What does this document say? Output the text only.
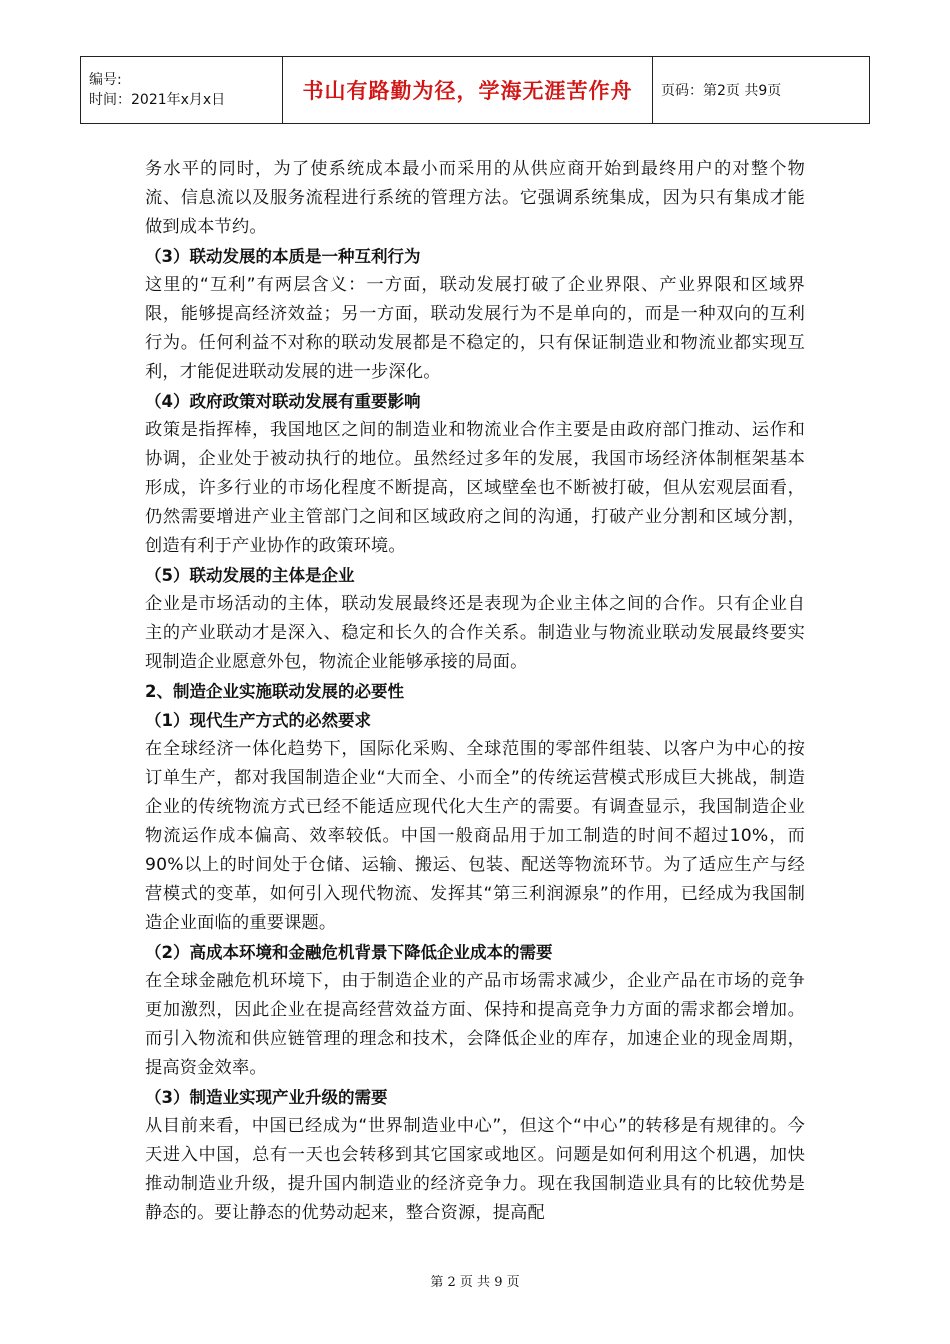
编号:
时间：2021年x月x日	书山有路勤为径，学海无涯苦作舟	页码：第2页 共9页

务水平的同时，为了使系统成本最小而采用的从供应商开始到最终用户的对整个物流、信息流以及服务流程进行系统的管理方法。它强调系统集成，因为只有集成才能做到成本节约。

（3）联动发展的本质是一种互利行为

这里的“互利”有两层含义：一方面，联动发展打破了企业界限、产业界限和区域界限，能够提高经济效益；另一方面，联动发展行为不是单向的，而是一种双向的互利行为。任何利益不对称的联动发展都是不稳定的，只有保证制造业和物流业都实现互利，才能促进联动发展的进一步深化。

（4）政府政策对联动发展有重要影响

政策是指挥棒，我国地区之间的制造业和物流业合作主要是由政府部门推动、运作和协调，企业处于被动执行的地位。虽然经过多年的发展，我国市场经济体制框架基本形成，许多行业的市场化程度不断提高，区域壁垒也不断被打破，但从宏观层面看，仍然需要增进产业主管部门之间和区域政府之间的沟通，打破产业分割和区域分割，创造有利于产业协作的政策环境。

（5）联动发展的主体是企业

企业是市场活动的主体，联动发展最终还是表现为企业主体之间的合作。只有企业自主的产业联动才是深入、稳定和长久的合作关系。制造业与物流业联动发展最终要实现制造企业愿意外包，物流企业能够承接的局面。

2、制造企业实施联动发展的必要性

（1）现代生产方式的必然要求

在全球经济一体化趋势下，国际化采购、全球范围的零部件组装、以客户为中心的按订单生产，都对我国制造企业“大而全、小而全”的传统运营模式形成巨大挑战，制造企业的传统物流方式已经不能适应现代化大生产的需要。有调查显示，我国制造企业物流运作成本偏高、效率较低。中国一般商品用于加工制造的时间不超过10%，而90%以上的时间处于仓储、运输、搬运、包装、配送等物流环节。为了适应生产与经营模式的变革，如何引入现代物流、发挥其“第三利润源泉”的作用，已经成为我国制造企业面临的重要课题。

（2）高成本环境和金融危机背景下降低企业成本的需要

在全球金融危机环境下，由于制造企业的产品市场需求减少，企业产品在市场的竞争更加激烈，因此企业在提高经营效益方面、保持和提高竞争力方面的需求都会增加。而引入物流和供应链管理的理念和技术，会降低企业的库存，加速企业的现金周期，提高资金效率。

（3）制造业实现产业升级的需要

从目前来看，中国已经成为“世界制造业中心”，但这个“中心”的转移是有规律的。今天进入中国，总有一天也会转移到其它国家或地区。问题是如何利用这个机遇，加快推动制造业升级，提升国内制造业的经济竞争力。现在我国制造业具有的比较优势是静态的。要让静态的优势动起来，整合资源，提高配

第 2 页 共 9 页
